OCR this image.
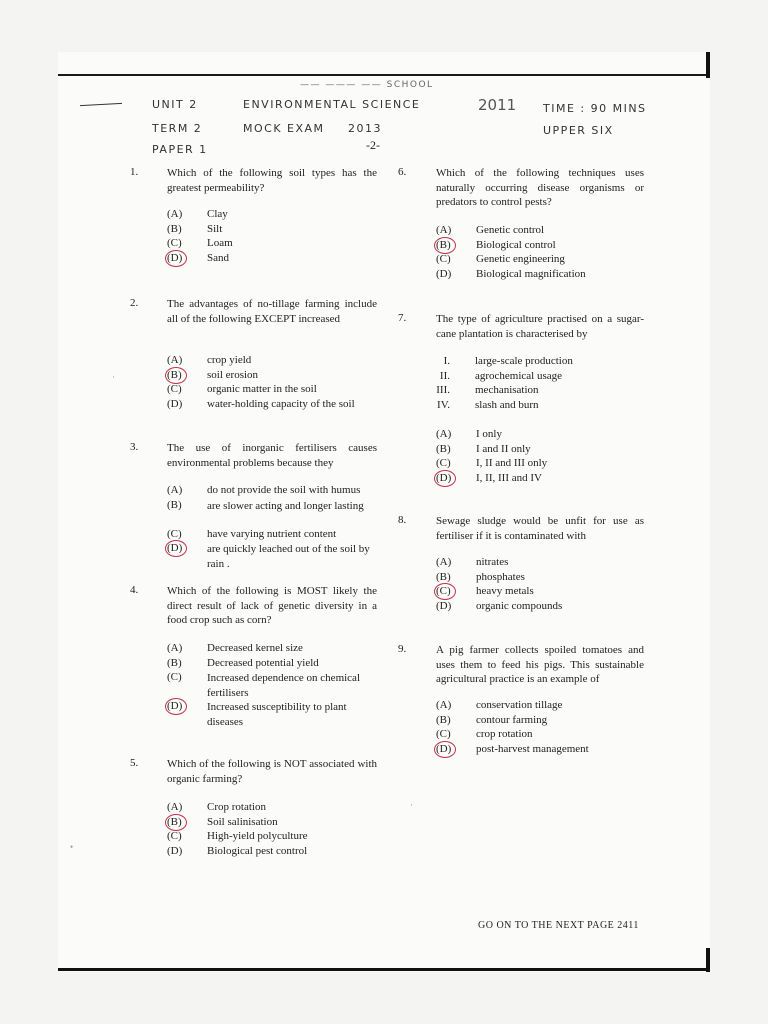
—— ——— —— SCHOOL
UNIT 2	ENVIRONMENTAL SCIENCE	2011 TIME : 90 MINS
TERM 2	MOCK EXAM 2013	UPPER SIX
PAPER 1	-2-
1.	Which of the following soil types has the greatest permeability?
(A)	Clay
(B)	Silt
(C)	Loam
(D)	Sand
2.	The advantages of no-tillage farming include all of the following EXCEPT increased
(A)	crop yield
(B)	soil erosion
(C)	organic matter in the soil
(D)	water-holding capacity of the soil
3.	The use of inorganic fertilisers causes environmental problems because they
(A)	do not provide the soil with humus
(B)	are slower acting and longer lasting
(C)	have varying nutrient content
(D)	are quickly leached out of the soil by rain .
4.	Which of the following is MOST likely the direct result of lack of genetic diversity in a food crop such as corn?
(A)	Decreased kernel size
(B)	Decreased potential yield
(C)	Increased dependence on chemical fertilisers
(D)	Increased susceptibility to plant diseases
5.	Which of the following is NOT associated with organic farming?
(A)	Crop rotation
(B)	Soil salinisation
(C)	High-yield polyculture
(D)	Biological pest control
6.	Which of the following techniques uses naturally occurring disease organisms or predators to control pests?
(A)	Genetic control
(B)	Biological control
(C)	Genetic engineering
(D)	Biological magnification
7.	The type of agriculture practised on a sugar-cane plantation is characterised by
I. large-scale production
II. agrochemical usage
III. mechanisation
IV. slash and burn
(A)	I only
(B)	I and II only
(C)	I, II and III only
(D)	I, II, III and IV
8.	Sewage sludge would be unfit for use as fertiliser if it is contaminated with
(A)	nitrates
(B)	phosphates
(C)	heavy metals
(D)	organic compounds
9.	A pig farmer collects spoiled tomatoes and uses them to feed his pigs. This sustainable agricultural practice is an example of
(A)	conservation tillage
(B)	contour farming
(C)	crop rotation
(D)	post-harvest management
GO ON TO THE NEXT PAGE 2411
•
·
·
